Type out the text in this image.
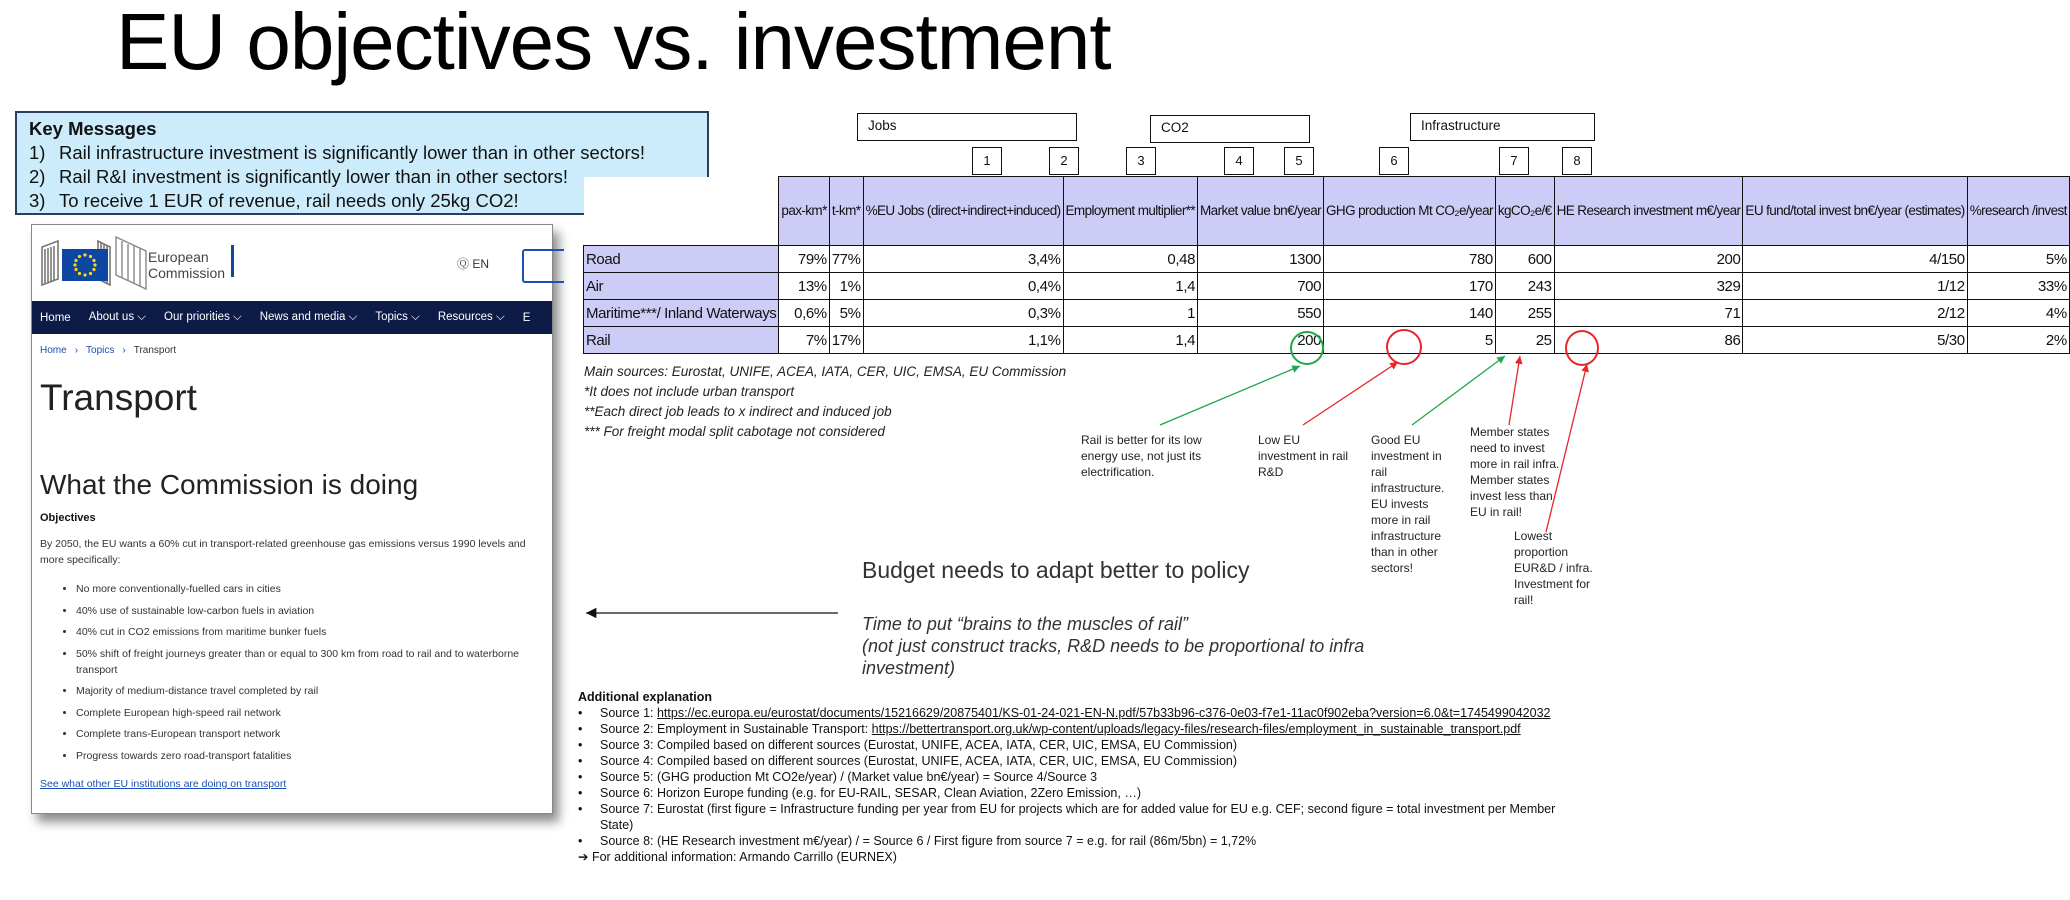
EU objectives vs. investment
Key Messages
1) Rail infrastructure investment is significantly lower than in other sectors!
2) Rail R&I investment is significantly lower than in other sectors!
3) To receive 1 EUR of revenue, rail needs only 25kg CO2!
European
Commission
Ⓠ EN
Home About us ⌵ Our priorities ⌵ News and media ⌵ Topics ⌵ Resources ⌵ E
Home › Topics › Transport
Transport
What the Commission is doing
Objectives
By 2050, the EU wants a 60% cut in transport-related greenhouse gas emissions versus 1990 levels and more specifically:
• No more conventionally-fuelled cars in cities
• 40% use of sustainable low-carbon fuels in aviation
• 40% cut in CO2 emissions from maritime bunker fuels
• 50% shift of freight journeys greater than or equal to 300 km from road to rail and to waterborne transport
• Majority of medium-distance travel completed by rail
• Complete European high-speed rail network
• Complete trans-European transport network
• Progress towards zero road-transport fatalities
See what other EU institutions are doing on transport
Jobs	CO2	Infrastructure
1	2	3	4	5	6	7	8
	pax-km*	t-km*	%EU Jobs (direct+indirect+induced)	Employment multiplier**	Market value bn€/year	GHG production Mt CO₂e/year	kgCO₂e/€	HE Research investment m€/year	EU fund/total invest bn€/year (estimates)	%research /invest
Road	79%	77%	3,4%	0,48	1300	780	600	200	4/150	5%
Air	13%	1%	0,4%	1,4	700	170	243	329	1/12	33%
Maritime***/ Inland Waterways	0,6%	5%	0,3%	1	550	140	255	71	2/12	4%
Rail	7%	17%	1,1%	1,4	200	5	25	86	5/30	2%
Main sources: Eurostat, UNIFE, ACEA, IATA, CER, UIC, EMSA, EU Commission
*It does not include urban transport
**Each direct job leads to x indirect and induced job
*** For freight modal split cabotage not considered
Rail is better for its low energy use, not just its electrification.
Low EU investment in rail R&D
Good EU investment in rail infrastructure. EU invests more in rail infrastructure than in other sectors!
Member states need to invest more in rail infra. Member states invest less than EU in rail!
Lowest proportion EUR&D / infra. Investment for rail!
Budget needs to adapt better to policy
Time to put “brains to the muscles of rail”
(not just construct tracks, R&D needs to be proportional to infra investment)
Additional explanation
•	Source 1: https://ec.europa.eu/eurostat/documents/15216629/20875401/KS-01-24-021-EN-N.pdf/57b33b96-c376-0e03-f7e1-11ac0f902eba?version=6.0&t=1745499042032
•	Source 2: Employment in Sustainable Transport: https://bettertransport.org.uk/wp-content/uploads/legacy-files/research-files/employment_in_sustainable_transport.pdf
•	Source 3: Compiled based on different sources (Eurostat, UNIFE, ACEA, IATA, CER, UIC, EMSA, EU Commission)
•	Source 4: Compiled based on different sources (Eurostat, UNIFE, ACEA, IATA, CER, UIC, EMSA, EU Commission)
•	Source 5: (GHG production Mt CO2e/year) / (Market value bn€/year) = Source 4/Source 3
•	Source 6: Horizon Europe funding (e.g. for EU-RAIL, SESAR, Clean Aviation, 2Zero Emission, …)
•	Source 7: Eurostat (first figure = Infrastructure funding per year from EU for projects which are for added value for EU e.g. CEF; second figure = total investment per Member State)
•	Source 8: (HE Research investment m€/year) / = Source 6 / First figure from source 7 = e.g. for rail (86m/5bn) = 1,72%
➔ For additional information: Armando Carrillo (EURNEX)
